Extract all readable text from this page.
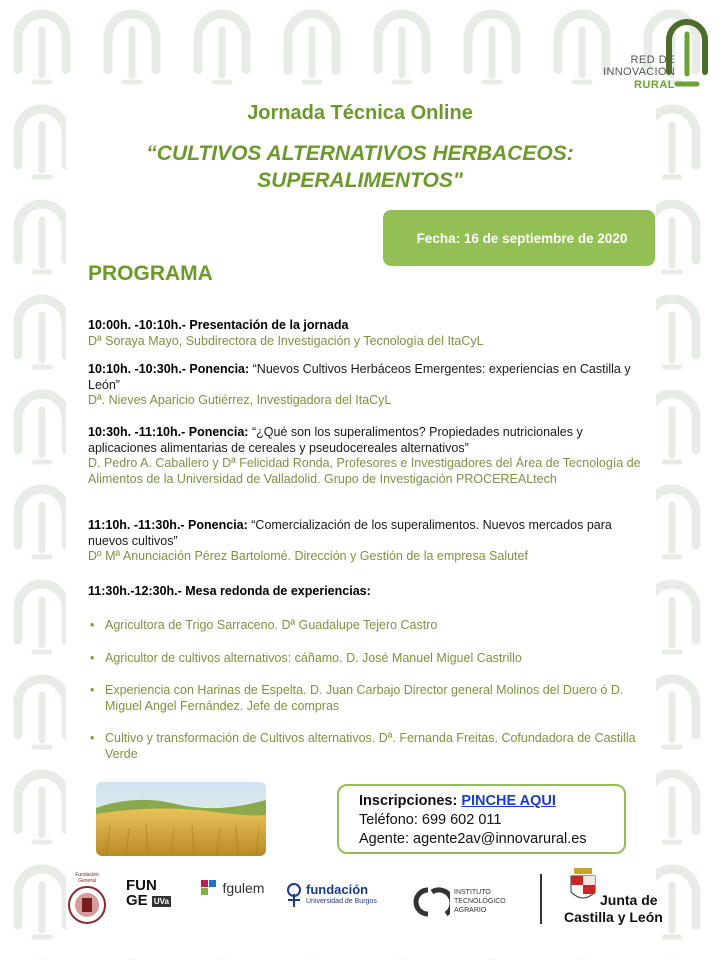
RED DE
INNOVACION
RURAL
Jornada Técnica Online
“CULTIVOS ALTERNATIVOS HERBACEOS:
SUPERALIMENTOS"
Fecha: 16 de septiembre de 2020
PROGRAMA
10:00h. -10:10h.- Presentación de la jornada
Dª Soraya Mayo, Subdirectora de Investigación y Tecnología del ItaCyL
10:10h. -10:30h.- Ponencia: “Nuevos Cultivos Herbáceos Emergentes: experiencias en Castilla y León”
Dª. Nieves Aparicio Gutiérrez, Investigadora del ItaCyL
10:30h. -11:10h.- Ponencia: “¿Qué son los superalimentos? Propiedades nutricionales y aplicaciones alimentarias de cereales y pseudocereales alternativos”
D. Pedro A. Caballero y Dª Felicidad Ronda, Profesores e Investigadores del Área de Tecnología de Alimentos de la Universidad de Valladolid. Grupo de Investigación PROCEREALtech
11:10h. -11:30h.- Ponencia: “Comercialización de los superalimentos. Nuevos mercados para nuevos cultivos”
Dº Mª Anunciación Pérez Bartolomé. Dirección y Gestión de la empresa Salutef
11:30h.-12:30h.- Mesa redonda de experiencias:
• Agricultora de Trigo Sarraceno. Dª Guadalupe Tejero Castro
• Agricultor de cultivos alternativos: cáñamo. D. José Manuel Miguel Castrillo
• Experiencia con Harinas de Espelta. D. Juan Carbajo Director general Molinos del Duero ó D. Miguel Angel Fernández. Jefe de compras
• Cultivo y transformación de Cultivos alternativos. Dª. Fernanda Freitas. Cofundadora de Castilla Verde
Inscripciones: PINCHE AQUI
Teléfono: 699 602 011
Agente: agente2av@innovarural.es
Fundación General	FUN
GE UVa
fgulem	fundación
Universidad de Burgos
INSTITUTO
TECNOLÓGICO
AGRARIO
Junta de
Castilla y León
